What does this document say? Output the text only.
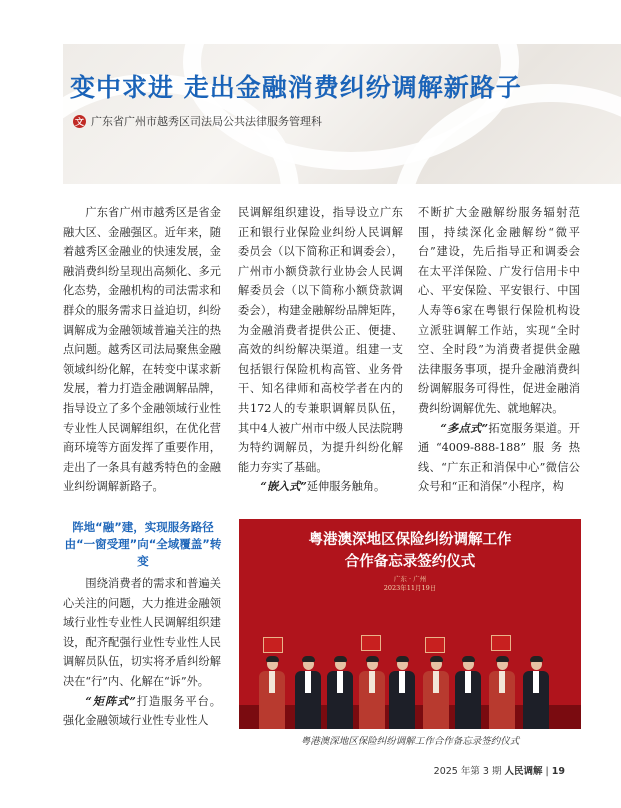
变中求进 走出金融消费纠纷调解新路子
文 广东省广州市越秀区司法局公共法律服务管理科

广东省广州市越秀区是省金融大区、金融强区。近年来，随着越秀区金融业的快速发展，金融消费纠纷呈现出高频化、多元化态势，金融机构的司法需求和群众的服务需求日益迫切，纠纷调解成为金融领域普遍关注的热点问题。越秀区司法局聚焦金融领域纠纷化解，在转变中谋求新发展，着力打造金融调解品牌，指导设立了多个金融领域行业性专业性人民调解组织，在优化营商环境等方面发挥了重要作用，走出了一条具有越秀特色的金融业纠纷调解新路子。

民调解组织建设，指导设立广东正和银行业保险业纠纷人民调解委员会（以下简称正和调委会），广州市小额贷款行业协会人民调解委员会（以下简称小额贷款调委会），构建金融解纷品牌矩阵，为金融消费者提供公正、便捷、高效的纠纷解决渠道。组建一支包括银行保险机构高管、业务骨干、知名律师和高校学者在内的共172人的专兼职调解员队伍，其中4人被广州市中级人民法院聘为特约调解员，为提升纠纷化解能力夯实了基础。

“嵌入式”延伸服务触角。

不断扩大金融解纷服务辐射范围，持续深化金融解纷“微平台”建设，先后指导正和调委会在太平洋保险、广发行信用卡中心、平安保险、平安银行、中国人寿等6家在粤银行保险机构设立派驻调解工作站，实现“全时空、全时段”为消费者提供金融法律服务事项，提升金融消费纠纷调解服务可得性，促进金融消费纠纷调解优先、就地解决。

“多点式”拓宽服务渠道。开通“4009-888-188”服务热线、“广东正和消保中心”微信公众号和“正和消保”小程序，构

阵地“融”建，实现服务路径由“一窗受理”向“全域覆盖”转变

围绕消费者的需求和普遍关心关注的问题，大力推进金融领域行业性专业性人民调解组织建设，配齐配强行业性专业性人民调解员队伍，切实将矛盾纠纷解决在“行”内、化解在“诉”外。

“矩阵式”打造服务平台。强化金融领域行业性专业性人

粤港澳深地区保险纠纷调解工作
合作备忘录签约仪式
广东 · 广州
2023年11月19日
粤港澳深地区保险纠纷调解工作合作备忘录签约仪式
2025 年第 3 期 人民调解 | 19
